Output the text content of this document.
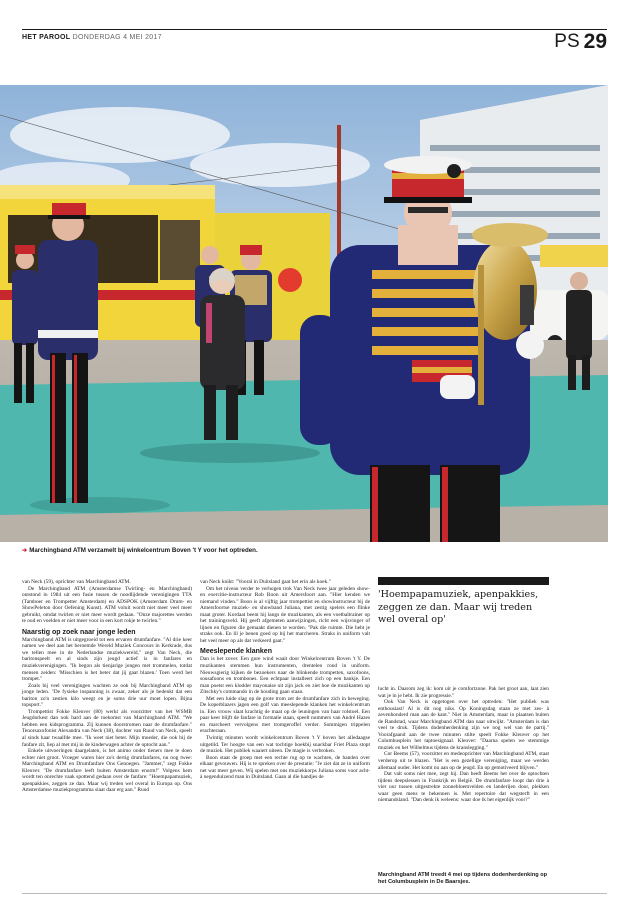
HET PAROOL DONDERDAG 4 MEI 2017	PS 29
➔ Marchingband ATM verzamelt bij winkelcentrum Boven 't Y voor het optreden.

van Neck (59), oprichter van Marchingband ATM.

De Marchingband ATM (Amsterdamse Twirling- en Marchingband) ontstond in 1984 uit een fusie tussen de noodlijdende verenigingen TTA (Tamboer en Trompetter Amsterdam) en ADSPOK (Amsterdam Drum- en ShowPeleton door Oefening Kunst). ATM voluit wordt niet meer veel meer gebruikt, omdat twirlen er niet meer wordt gedaan. "Onze majorettes werden te oud en voelden er niet meer voor in een kort rokje te twirlen."

Naarstig op zoek naar jonge leden

Marchingband ATM is uitgegroeid tot een ervaren drumfanfare. "Al drie keer namen we deel aan het beroemde Wereld Muziek Concours in Kerkrade, dus we tellen mee in de Nederlandse muziekwereld," zegt Van Neck, die baritonspeelt en al sinds zijn jeugd actief is in fanfares en muziekverenigingen. "Ik begon als tienjarige jongen met trommelen, totdat mensen zeiden: 'Misschien is het beter dat jij gaat blazen.' Toen werd het trompet."

Zoals bij veel verenigingen wachten ze ook bij Marchingband ATM op jonge leden. "De fysieke inspanning is zwaar, zeker als je bedenkt dat een bariton zo'n zestien kilo weegt en je soms drie uur moet lopen. Bijna topsport."

Trompettist Fokke Kleuver (80) werkt als voorzitter van het WSMB Jeugdorkest dan ook hard aan de toekomst van Marchingband ATM. "We hebben een kidsprogramma. Zij kunnen doorstromen naar de drumfanfare." Tenorsaxofonist Alexandra van Neck (38), dochter van Ruud van Neck, speelt al sinds haar twaalfde mee. "Ik weet niet beter. Mijn moeder, die ook bij de fanfare zit, liep al met mij in de kinderwagen achter de optocht aan."

Enkele uitvoeringen daargelaten, is het animo onder tieners mee te doen echter niet groot. Vroeger waren hier zo's dertig drumfanfares, nu nog twee: Marchingband ATM en Drumfanfare Ons Genoegen. "Jammer," zegt Fokke Kleuver. "De drumfanfare leeft buiten Amsterdam enorm!" Volgens hem wordt ten onrechte vaak spottend gedaan over de fanfare: "Hoempapamuziek, apenpakkies, zeggen ze dan. Maar wij treden wel overal in Europa op. Ons Amsterdamse muziekprogramma slaat daar erg aan." Ruud

van Neck knikt: "Vooral in Duitsland gaat het erin als koek."

Om het niveau verder te verhogen trok Van Neck twee jaar geleden show- en exercitie-instructeur Rob Boon uit Amersfoort aan. "Hier kenden we niemand vinden." Boon is al vijftig jaar trompettist en showinstructeur bij de Amersfoortse muziek- en showband Juliana, met zestig spelers een flinke maat groter. Kordaat beent hij langs de muzikanten, als een voetbaltrainer op het trainingsveld. Hij geeft afgemeten aanwijzingen, richt een wijsvinger of lijnen en figuren die gemaakt dienen te worden. "Pak die ruimte. Die hebt je straks ook. En lil je benen goed op bij het marcheren. Straks in uniform valt het veel meer op als dat verkeerd gaat."

Meeslepende klanken

Dan is het zover. Een gure wind waait door Winkelcentrum Boven 't Y. De muzikanten stemmen hun instrumenten, drentelen rond in uniform. Nieuwsgierig kijken de bezoekers naar de blinkende trompetten, saxofoons, sousafoons en trombones. Een echtpaar installeert zich op een bankje. Een man poetst een klodder mayonaise uit zijn jack en ziet hoe de muzikanten op Zitschky's commando in de houding gaan staan.

Met een luide slag op de grote trom zet de drumfanfare zich in beweging. De koperblazers jagen een golf van meeslepende klanken het winkelcentrum in. Een vrouw slaat krachtig de maat op de leuningen van haar rolstoel. Een paar keer blijft de fanfare in formatie staan, speelt nummers van André Hazes en marcheert vervolgens met tromgeroffel verder. Sommigen trippelen erachteraan.

Twintig minuten wordt winkelcentrum Boven 't Y boven het alledaagse uitgetild. Ter hoogte van een wat tochtige hoekbij snackbar Friet Plaza stopt de muziek. Het publiek waaiert uiteen. De magie is verbroken.

Boon staat de groep met een rechte rug op te wachten, de handen over elkaar gevouwen. Hij is te spreken over de prestatie: "Je ziet dat ze in uniform net wat meer geven. Wij spelen met ons muziekkorps Juliana soms voor acht- à negenduizend man in Duitsland. Gaan al die handjes de

'Hoempapamuziek, apenpakkies, zeggen ze dan. Maar wij treden wel overal op'

lucht in. Daarom zeg ik: kom uit je comfortzone. Pak het groot aan, laat zien wat je in je hebt. Ik zie progressie."

Ook Van Neck is opgetogen over het optreden: "Het publiek was enthousiast! Al is dit nog niks. Op Koningsdag staan ze met zes- à zevenhonderd man aan de kant." Niet in Amsterdam, maar in plaatsen buiten de Randstad, waar Marchingband ATM dan naar uitwijkt. "Amsterdam is dan veel te druk. Tijdens dodenherdenking zijn we nog wel van de partij." Voorafgaand aan de twee minuten stilte speelt Fokke Kleuver op het Columbusplein het taptoesignaal. Kleuver: "Daarna spelen we stemmige muziek en het Wilhelmus tijdens de kranslegging."

Cor Beems (57), voorzitter en medeoprichter van Marchingband ATM, staat verderop uit te blazen. "Het is een gezellige vereniging, maar we werden allemaal ouder. Het komt nu aan op de jeugd. En op gemotiveerd blijven."

Dat valt soms niet mee, zegt hij. Dan heeft Beems het over de optochten tijdens deepslessen in Frankrijk en België. De drumfanfare loopt dan drie à vier uur tussen uitgestrekte zonnebloemvelden en landerijen door, plekken waar geen mens te bekennen is. Met repertoire dat wegsterft in een niemandsland. "Dan denk ik weleens: waar doe ik het eigenlijk voor?"

Marchingband ATM treedt 4 mei op tijdens dodenherdenking op het Columbusplein in De Baarsjes.
